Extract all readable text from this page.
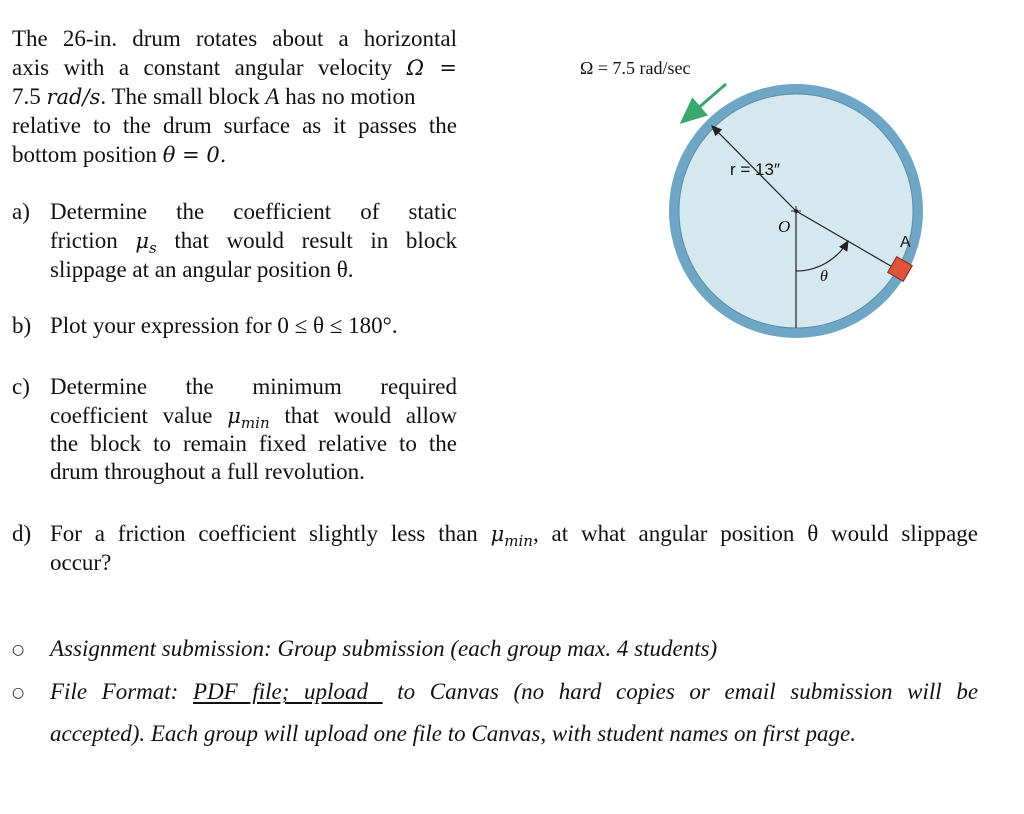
The 26-in. drum rotates about a horizontal
axis with a constant angular velocity Ω =
7.5 rad/s. The small block A has no motion
relative to the drum surface as it passes the
bottom position θ = 0.
a) Determine the coefficient of static
friction $\mu_s$ that would result in block
slippage at an angular position θ.
b) Plot your expression for 0 ≤ θ ≤ 180°.
c) Determine the minimum required
coefficient value $\mu_{min}$ that would allow
the block to remain fixed relative to the
drum throughout a full revolution.
d) For a friction coefficient slightly less than $\mu_{min}$, at what angular position θ would slippage
occur?
○ Assignment submission: Group submission (each group max. 4 students)
○ File Format: PDF file; upload to Canvas (no hard copies or email submission will be
accepted). Each group will upload one file to Canvas, with student names on first page.
Ω = 7.5 rad/sec
r = 13″
O
θ
A
